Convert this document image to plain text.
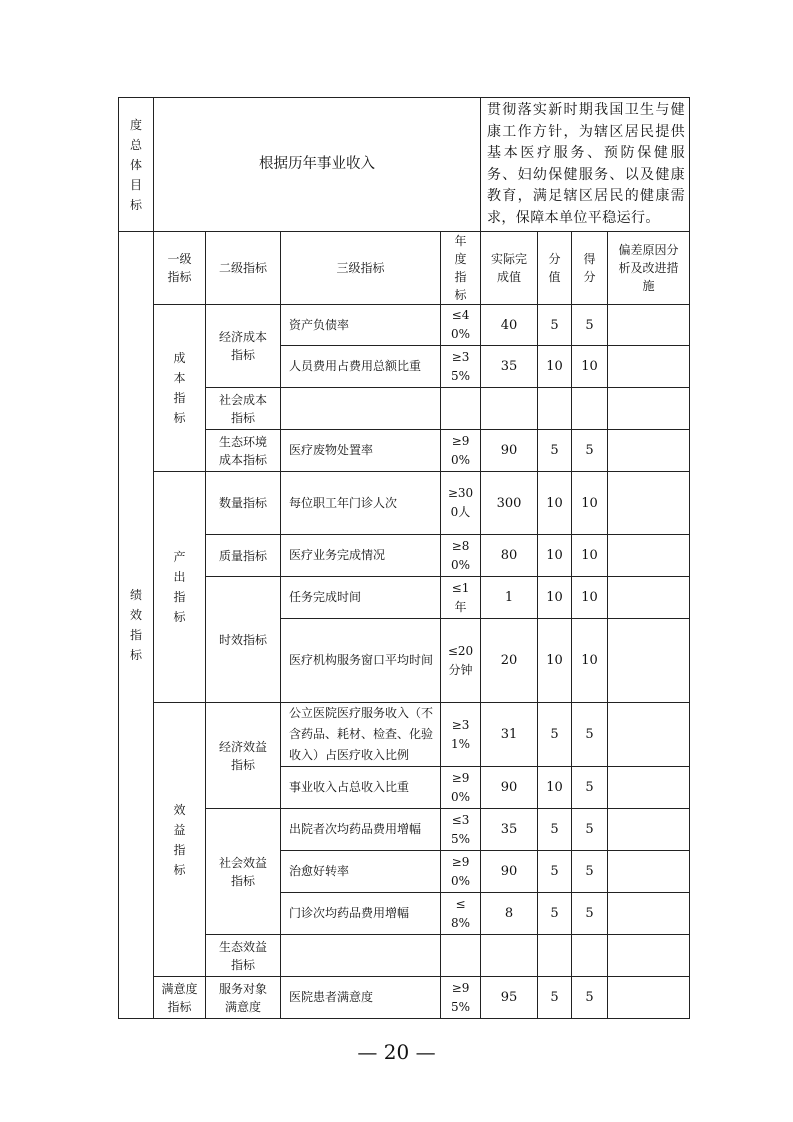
度总体目标	根据历年事业收入				贯彻落实新时期我国卫生与健康工作方针，为辖区居民提供基本医疗服务、预防保健服务、妇幼保健服务、以及健康教育，满足辖区居民的健康需求，保障本单位平稳运行。			
绩效指标	一级指标	二级指标	三级指标	年度指标	实际完成值	分值	得分	偏差原因分析及改进措施
	成本指标	经济成本指标	资产负债率	≤40%	40	5	5	
			人员费用占费用总额比重	≥35%	35	10	10	
		社会成本指标						
		生态环境成本指标	医疗废物处置率	≥90%	90	5	5	
	产出指标	数量指标	每位职工年门诊人次	≥300人	300	10	10	
		质量指标	医疗业务完成情况	≥80%	80	10	10	
		时效指标	任务完成时间	≤1年	1	10	10	
			医疗机构服务窗口平均时间	≤20分钟	20	10	10	
	效益指标	经济效益指标	公立医院医疗服务收入（不含药品、耗材、检查、化验收入）占医疗收入比例	≥31%	31	5	5	
			事业收入占总收入比重	≥90%	90	10	5	
		社会效益指标	出院者次均药品费用增幅	≤35%	35	5	5	
			治愈好转率	≥90%	90	5	5	
			门诊次均药品费用增幅	≤8%	8	5	5	
		生态效益指标						
	满意度指标	服务对象满意度	医院患者满意度	≥95%	95	5	5	
— 20 —
